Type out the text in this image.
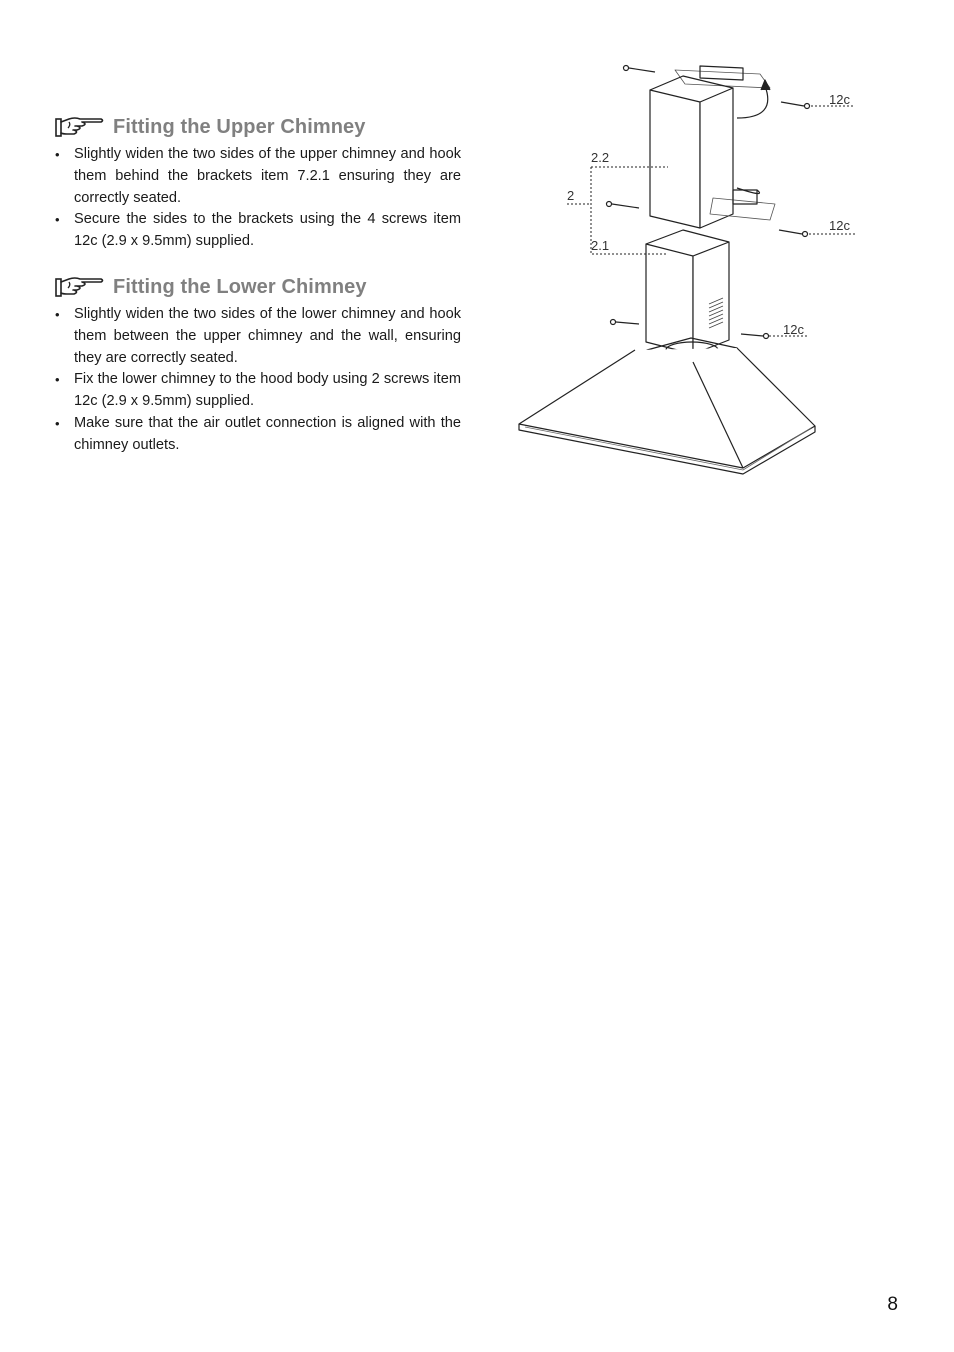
Fitting the Upper Chimney
• Slightly widen the two sides of the upper chimney and hook them behind the brackets item 7.2.1 ensuring they are correctly seated.
• Secure the sides to the brackets using the 4 screws item 12c (2.9 x 9.5mm) supplied.
Fitting the Lower Chimney
• Slightly widen the two sides of the lower chimney and hook them between the upper chimney and the wall, ensuring they are correctly seated.
• Fix the lower chimney to the hood body using 2 screws item 12c (2.9 x 9.5mm) supplied.
• Make sure that the air outlet connection is aligned with the chimney outlets.
12c
2.2
2
12c
2.1
12c
8
